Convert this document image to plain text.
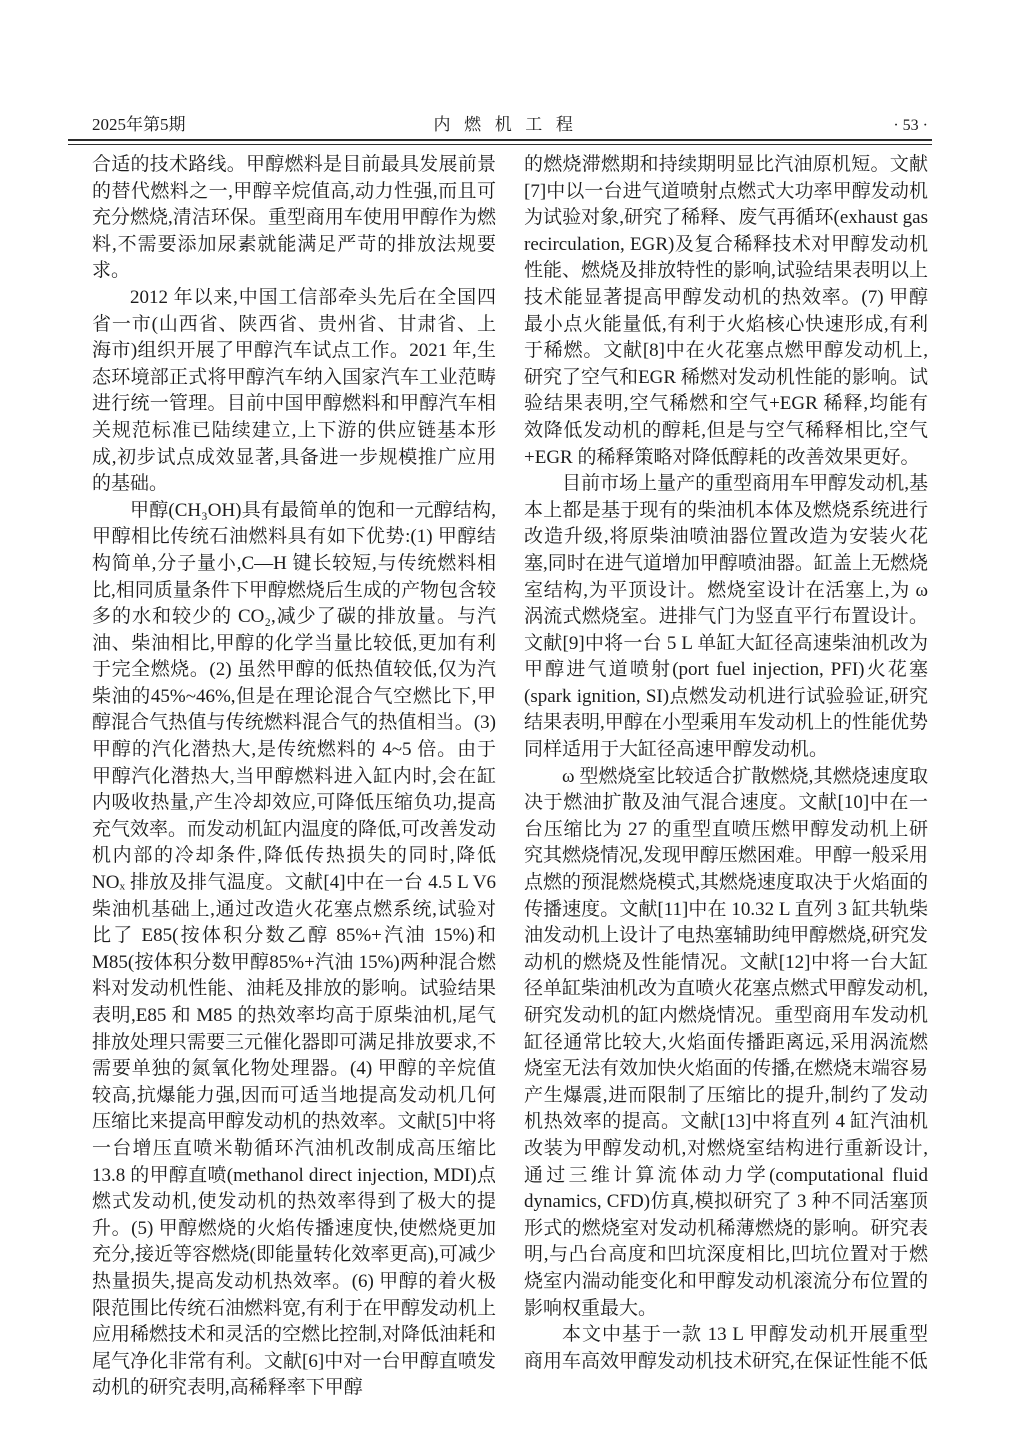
2025年第5期	内燃机工程	· 53 ·

合适的技术路线。甲醇燃料是目前最具发展前景的替代燃料之一,甲醇辛烷值高,动力性强,而且可充分燃烧,清洁环保。重型商用车使用甲醇作为燃料,不需要添加尿素就能满足严苛的排放法规要求。

2012 年以来,中国工信部牵头先后在全国四省一市(山西省、陕西省、贵州省、甘肃省、上海市)组织开展了甲醇汽车试点工作。2021 年,生态环境部正式将甲醇汽车纳入国家汽车工业范畴进行统一管理。目前中国甲醇燃料和甲醇汽车相关规范标准已陆续建立,上下游的供应链基本形成,初步试点成效显著,具备进一步规模推广应用的基础。

甲醇(CH₃OH)具有最简单的饱和一元醇结构,甲醇相比传统石油燃料具有如下优势:(1) 甲醇结构简单,分子量小,C—H 键长较短,与传统燃料相比,相同质量条件下甲醇燃烧后生成的产物包含较多的水和较少的 CO₂,减少了碳的排放量。与汽油、柴油相比,甲醇的化学当量比较低,更加有利于完全燃烧。(2) 虽然甲醇的低热值较低,仅为汽柴油的45%~46%,但是在理论混合气空燃比下,甲醇混合气热值与传统燃料混合气的热值相当。(3) 甲醇的汽化潜热大,是传统燃料的 4~5 倍。由于甲醇汽化潜热大,当甲醇燃料进入缸内时,会在缸内吸收热量,产生冷却效应,可降低压缩负功,提高充气效率。而发动机缸内温度的降低,可改善发动机内部的冷却条件,降低传热损失的同时,降低 NOₓ 排放及排气温度。文献[4]中在一台 4.5 L V6 柴油机基础上,通过改造火花塞点燃系统,试验对比了 E85(按体积分数乙醇 85%+汽油 15%)和 M85(按体积分数甲醇85%+汽油 15%)两种混合燃料对发动机性能、油耗及排放的影响。试验结果表明,E85 和 M85 的热效率均高于原柴油机,尾气排放处理只需要三元催化器即可满足排放要求,不需要单独的氮氧化物处理器。(4) 甲醇的辛烷值较高,抗爆能力强,因而可适当地提高发动机几何压缩比来提高甲醇发动机的热效率。文献[5]中将一台增压直喷米勒循环汽油机改制成高压缩比 13.8 的甲醇直喷(methanol direct injection, MDI)点燃式发动机,使发动机的热效率得到了极大的提升。(5) 甲醇燃烧的火焰传播速度快,使燃烧更加充分,接近等容燃烧(即能量转化效率更高),可减少热量损失,提高发动机热效率。(6) 甲醇的着火极限范围比传统石油燃料宽,有利于在甲醇发动机上应用稀燃技术和灵活的空燃比控制,对降低油耗和尾气净化非常有利。文献[6]中对一台甲醇直喷发动机的研究表明,高稀释率下甲醇

的燃烧滞燃期和持续期明显比汽油原机短。文献[7]中以一台进气道喷射点燃式大功率甲醇发动机为试验对象,研究了稀释、废气再循环(exhaust gas recirculation, EGR)及复合稀释技术对甲醇发动机性能、燃烧及排放特性的影响,试验结果表明以上技术能显著提高甲醇发动机的热效率。(7) 甲醇最小点火能量低,有利于火焰核心快速形成,有利于稀燃。文献[8]中在火花塞点燃甲醇发动机上,研究了空气和EGR 稀燃对发动机性能的影响。试验结果表明,空气稀燃和空气+EGR 稀释,均能有效降低发动机的醇耗,但是与空气稀释相比,空气+EGR 的稀释策略对降低醇耗的改善效果更好。

目前市场上量产的重型商用车甲醇发动机,基本上都是基于现有的柴油机本体及燃烧系统进行改造升级,将原柴油喷油器位置改造为安装火花塞,同时在进气道增加甲醇喷油器。缸盖上无燃烧室结构,为平顶设计。燃烧室设计在活塞上,为 ω 涡流式燃烧室。进排气门为竖直平行布置设计。文献[9]中将一台 5 L 单缸大缸径高速柴油机改为甲醇进气道喷射(port fuel injection, PFI)火花塞(spark ignition, SI)点燃发动机进行试验验证,研究结果表明,甲醇在小型乘用车发动机上的性能优势同样适用于大缸径高速甲醇发动机。

ω 型燃烧室比较适合扩散燃烧,其燃烧速度取决于燃油扩散及油气混合速度。文献[10]中在一台压缩比为 27 的重型直喷压燃甲醇发动机上研究其燃烧情况,发现甲醇压燃困难。甲醇一般采用点燃的预混燃烧模式,其燃烧速度取决于火焰面的传播速度。文献[11]中在 10.32 L 直列 3 缸共轨柴油发动机上设计了电热塞辅助纯甲醇燃烧,研究发动机的燃烧及性能情况。文献[12]中将一台大缸径单缸柴油机改为直喷火花塞点燃式甲醇发动机,研究发动机的缸内燃烧情况。重型商用车发动机缸径通常比较大,火焰面传播距离远,采用涡流燃烧室无法有效加快火焰面的传播,在燃烧末端容易产生爆震,进而限制了压缩比的提升,制约了发动机热效率的提高。文献[13]中将直列 4 缸汽油机改装为甲醇发动机,对燃烧室结构进行重新设计,通过三维计算流体动力学(computational fluid dynamics, CFD)仿真,模拟研究了 3 种不同活塞顶形式的燃烧室对发动机稀薄燃烧的影响。研究表明,与凸台高度和凹坑深度相比,凹坑位置对于燃烧室内湍动能变化和甲醇发动机滚流分布位置的影响权重最大。

本文中基于一款 13 L 甲醇发动机开展重型商用车高效甲醇发动机技术研究,在保证性能不低
